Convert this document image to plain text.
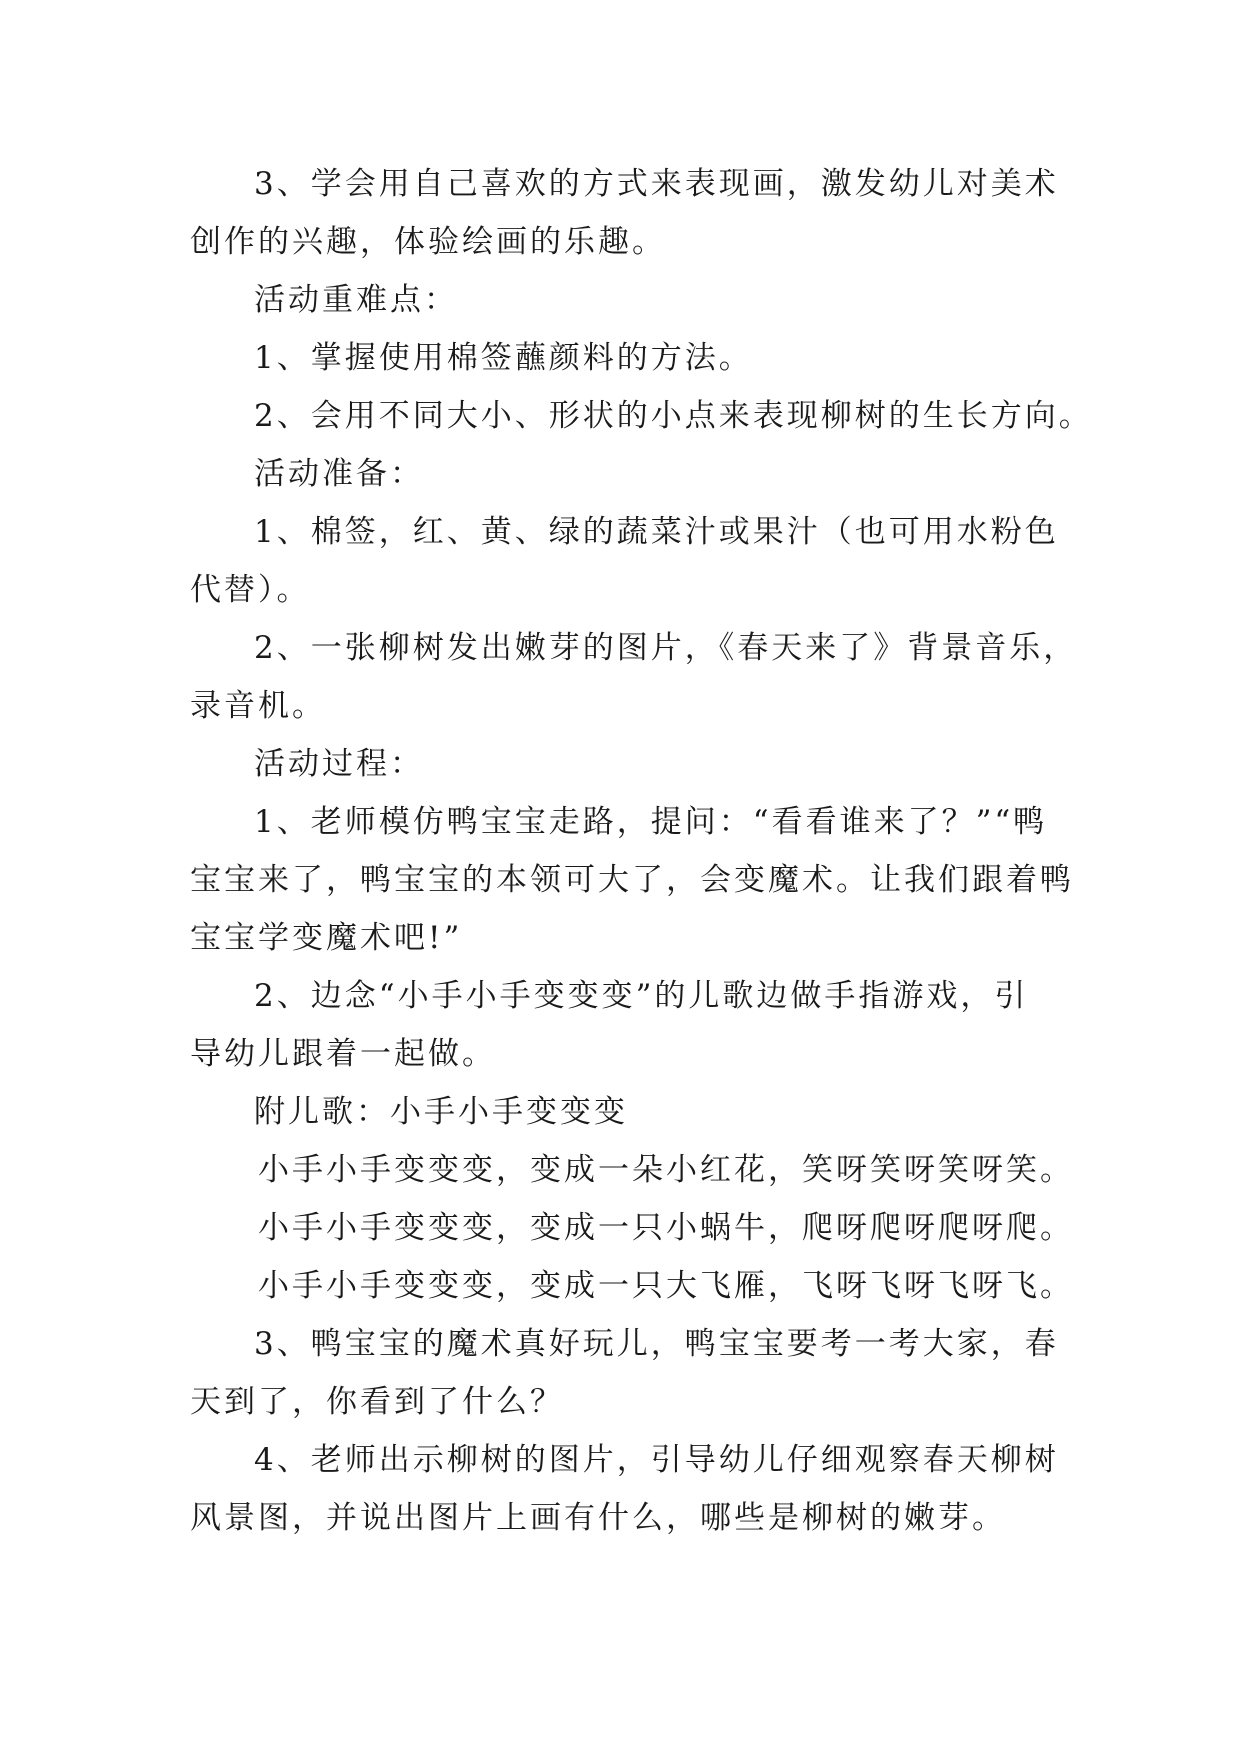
3、学会用自己喜欢的方式来表现画，激发幼儿对美术
创作的兴趣，体验绘画的乐趣。
活动重难点：
1、掌握使用棉签蘸颜料的方法。
2、会用不同大小、形状的小点来表现柳树的生长方向。
活动准备：
1、棉签，红、黄、绿的蔬菜汁或果汁（也可用水粉色
代替）。
2、一张柳树发出嫩芽的图片，《春天来了》背景音乐，
录音机。
活动过程：
1、老师模仿鸭宝宝走路，提问：“看看谁来了？”“鸭
宝宝来了，鸭宝宝的本领可大了，会变魔术。让我们跟着鸭
宝宝学变魔术吧!”
2、边念“小手小手变变变”的儿歌边做手指游戏，引
导幼儿跟着一起做。
附儿歌：小手小手变变变
小手小手变变变，变成一朵小红花，笑呀笑呀笑呀笑。
小手小手变变变，变成一只小蜗牛，爬呀爬呀爬呀爬。
小手小手变变变，变成一只大飞雁，飞呀飞呀飞呀飞。
3、鸭宝宝的魔术真好玩儿，鸭宝宝要考一考大家，春
天到了，你看到了什么？
4、老师出示柳树的图片，引导幼儿仔细观察春天柳树
风景图，并说出图片上画有什么，哪些是柳树的嫩芽。
